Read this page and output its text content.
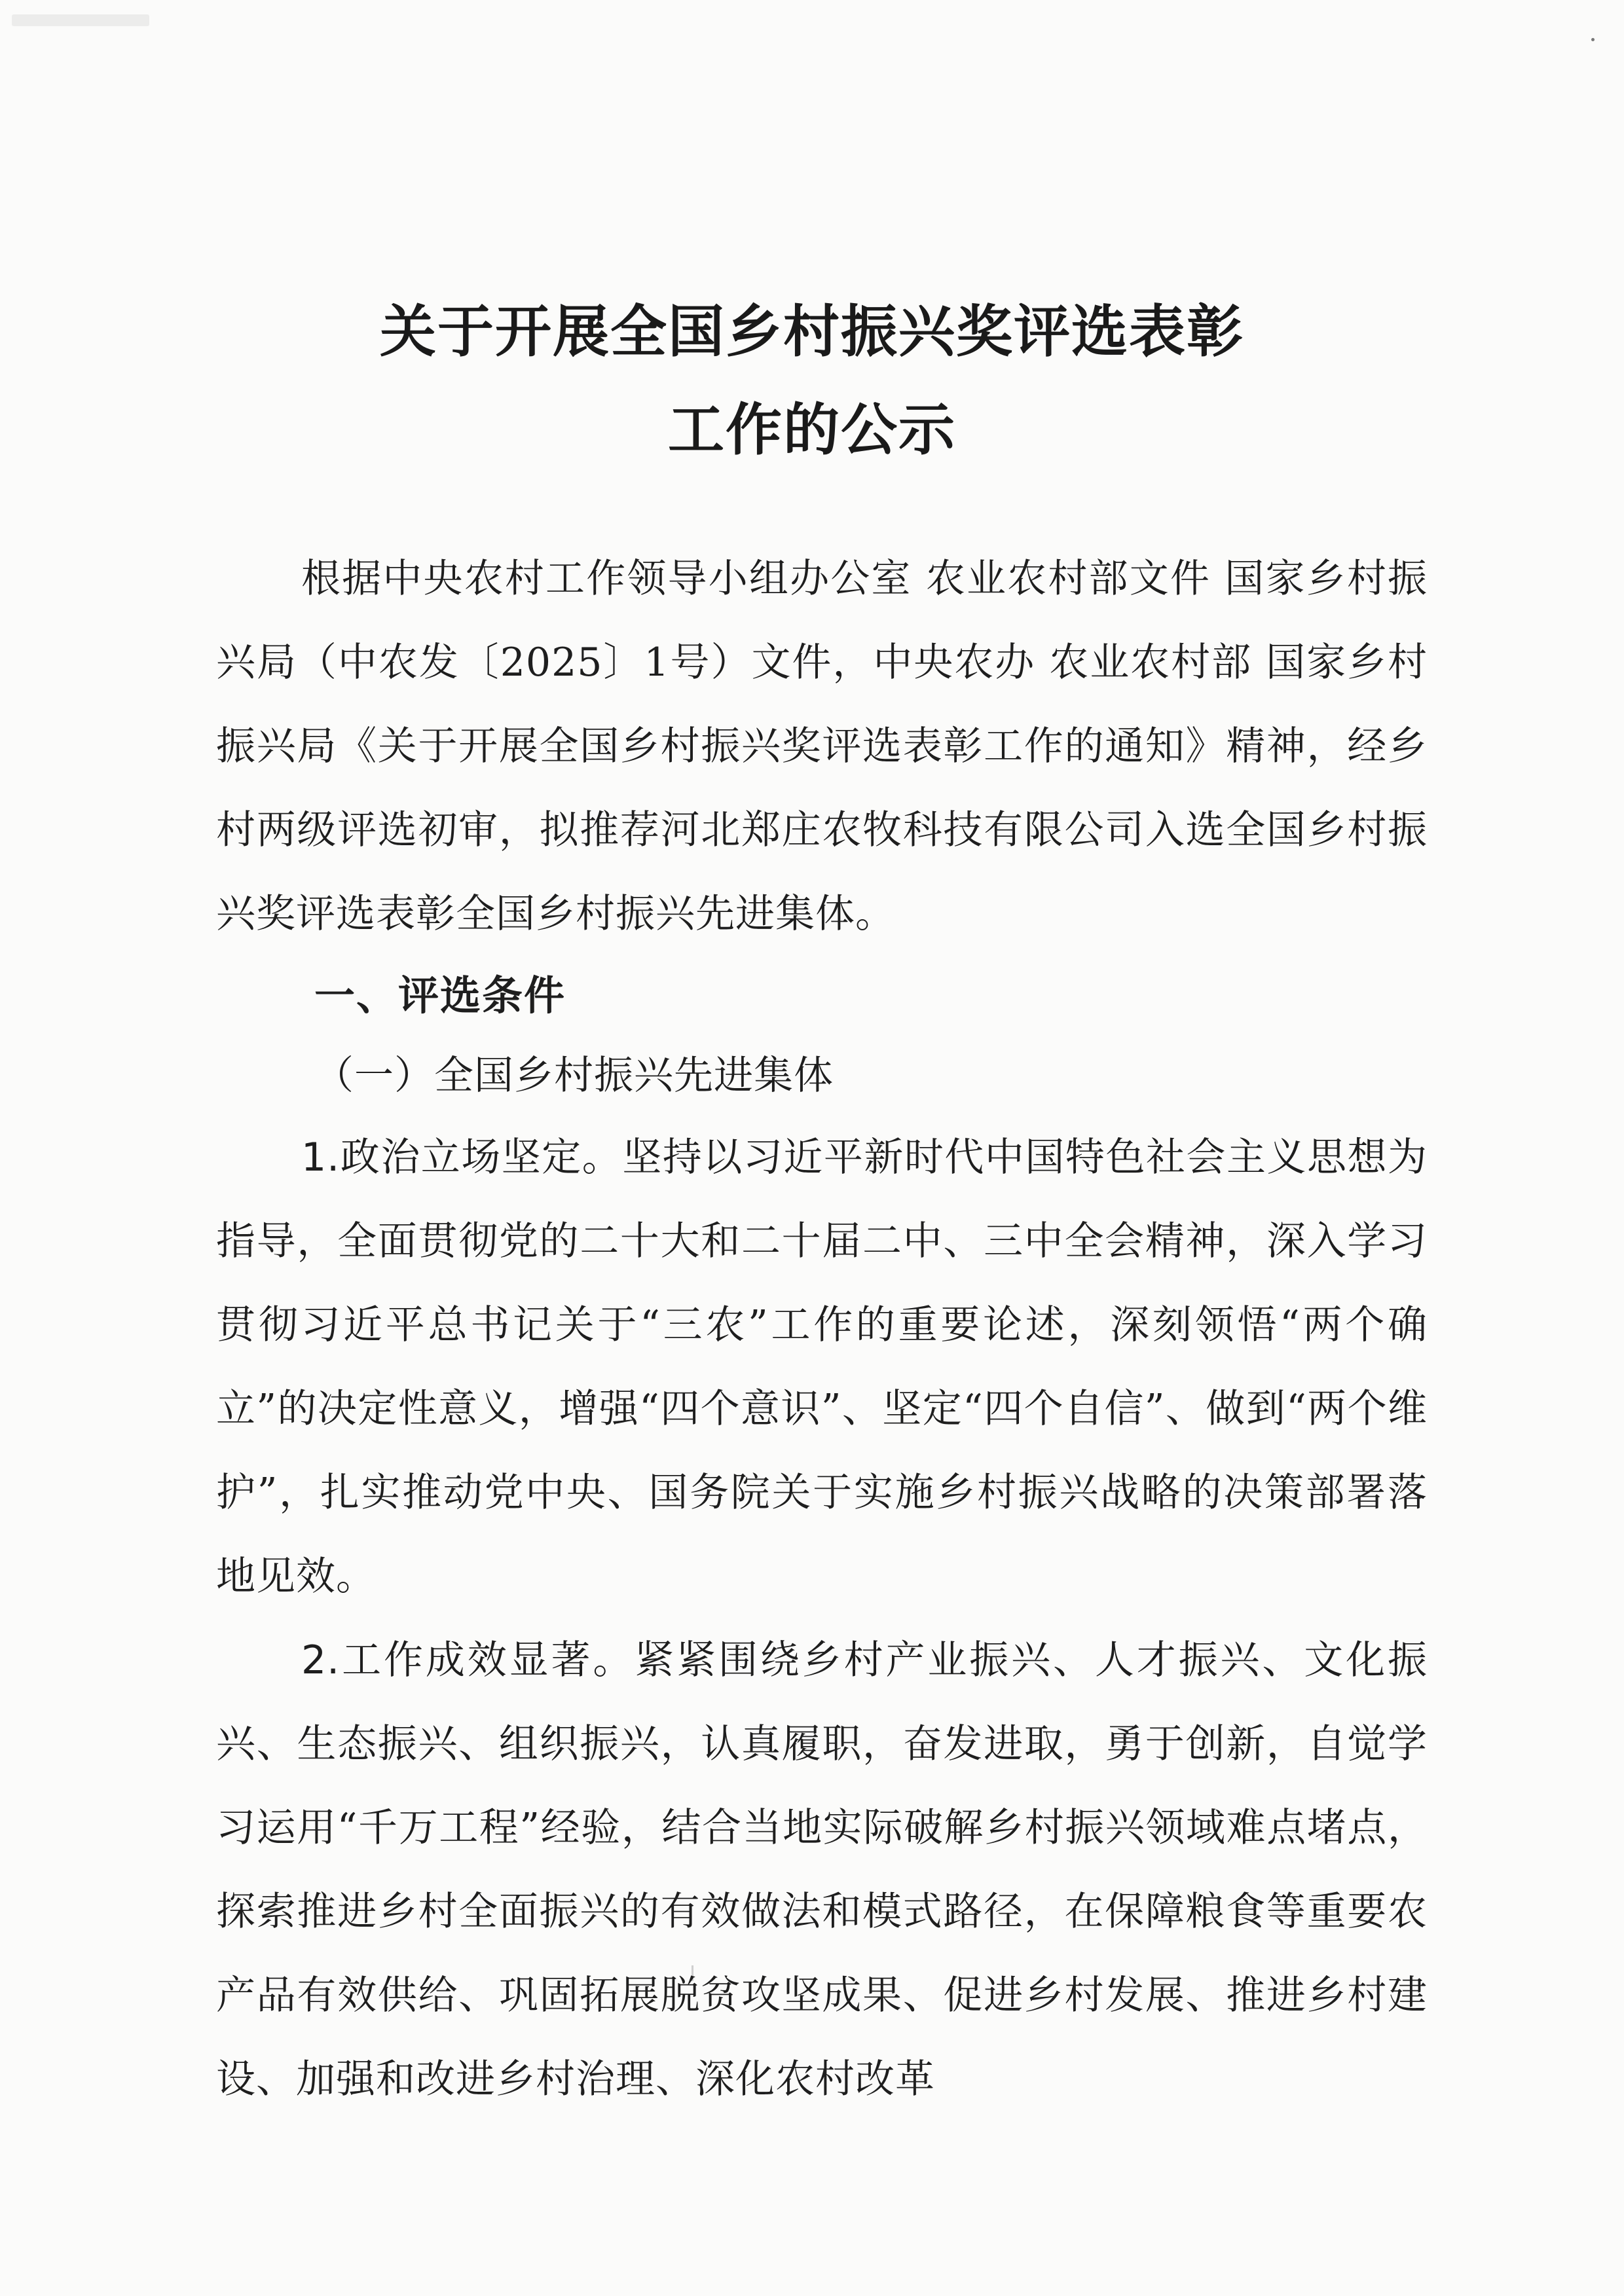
关于开展全国乡村振兴奖评选表彰
工作的公示

根据中央农村工作领导小组办公室 农业农村部文件 国家乡村振兴局（中农发〔2025〕1号）文件，中央农办 农业农村部 国家乡村振兴局《关于开展全国乡村振兴奖评选表彰工作的通知》精神，经乡村两级评选初审，拟推荐河北郑庄农牧科技有限公司入选全国乡村振兴奖评选表彰全国乡村振兴先进集体。

一、评选条件

（一）全国乡村振兴先进集体

1.政治立场坚定。坚持以习近平新时代中国特色社会主义思想为指导，全面贯彻党的二十大和二十届二中、三中全会精神，深入学习贯彻习近平总书记关于“三农”工作的重要论述，深刻领悟“两个确立”的决定性意义，增强“四个意识”、坚定“四个自信”、做到“两个维护”，扎实推动党中央、国务院关于实施乡村振兴战略的决策部署落地见效。

2.工作成效显著。紧紧围绕乡村产业振兴、人才振兴、文化振兴、生态振兴、组织振兴，认真履职，奋发进取，勇于创新，自觉学习运用“千万工程”经验，结合当地实际破解乡村振兴领域难点堵点，探索推进乡村全面振兴的有效做法和模式路径，在保障粮食等重要农产品有效供给、巩固拓展脱贫攻坚成果、促进乡村发展、推进乡村建设、加强和改进乡村治理、深化农村改革
